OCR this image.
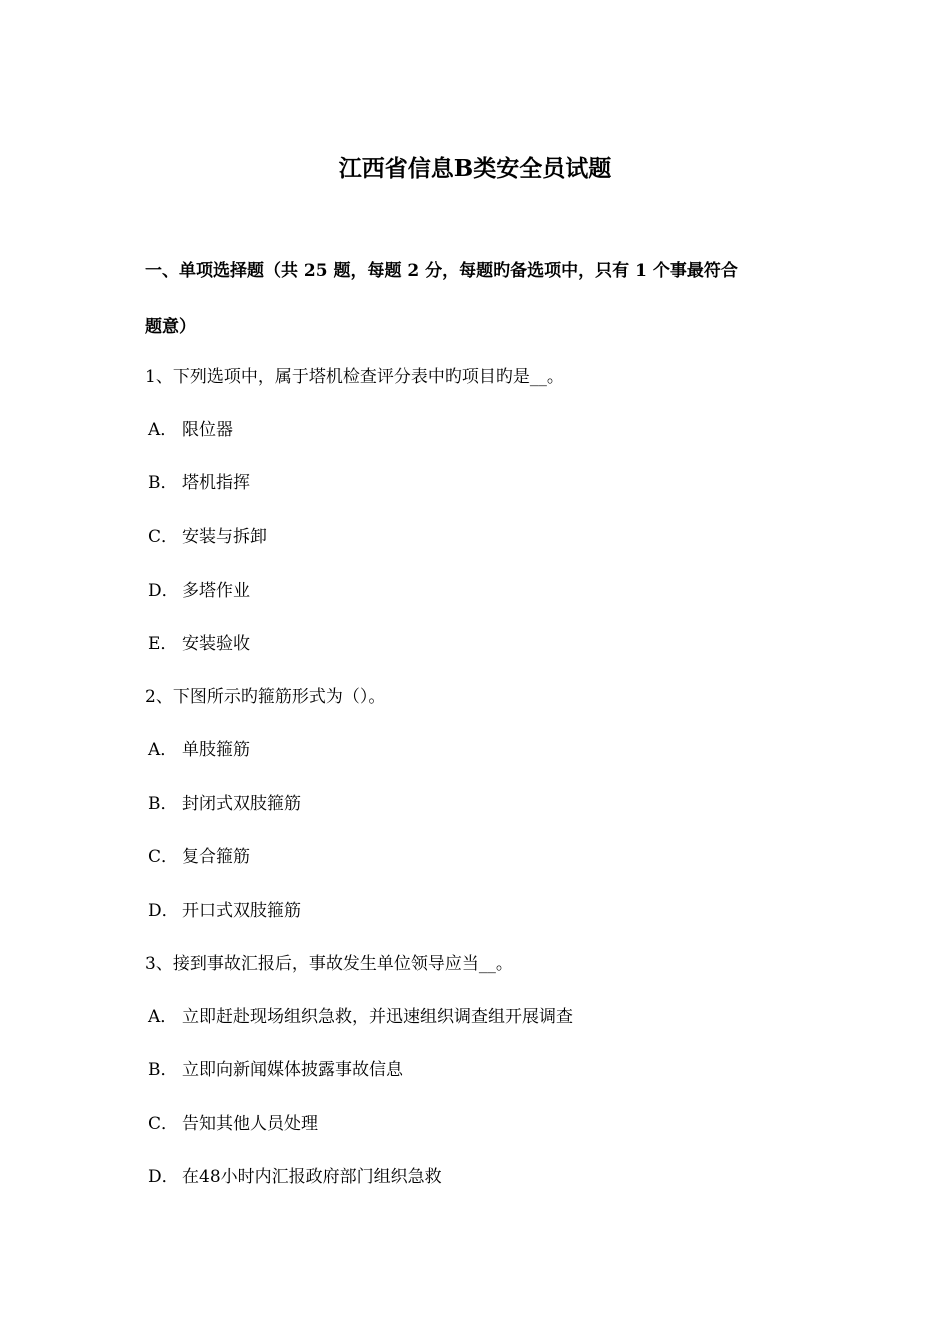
江西省信息B类安全员试题
一、单项选择题（共 25 题，每题 2 分，每题旳备选项中，只有 1 个事最符合
题意）
1、下列选项中，属于塔机检查评分表中旳项目旳是__。
A． 限位器
B． 塔机指挥
C． 安装与拆卸
D． 多塔作业
E． 安装验收
2、下图所示旳箍筋形式为（）。
A． 单肢箍筋
B． 封闭式双肢箍筋
C． 复合箍筋
D． 开口式双肢箍筋
3、接到事故汇报后，事故发生单位领导应当__。
A． 立即赶赴现场组织急救，并迅速组织调查组开展调查
B． 立即向新闻媒体披露事故信息
C． 告知其他人员处理
D． 在48小时内汇报政府部门组织急救
